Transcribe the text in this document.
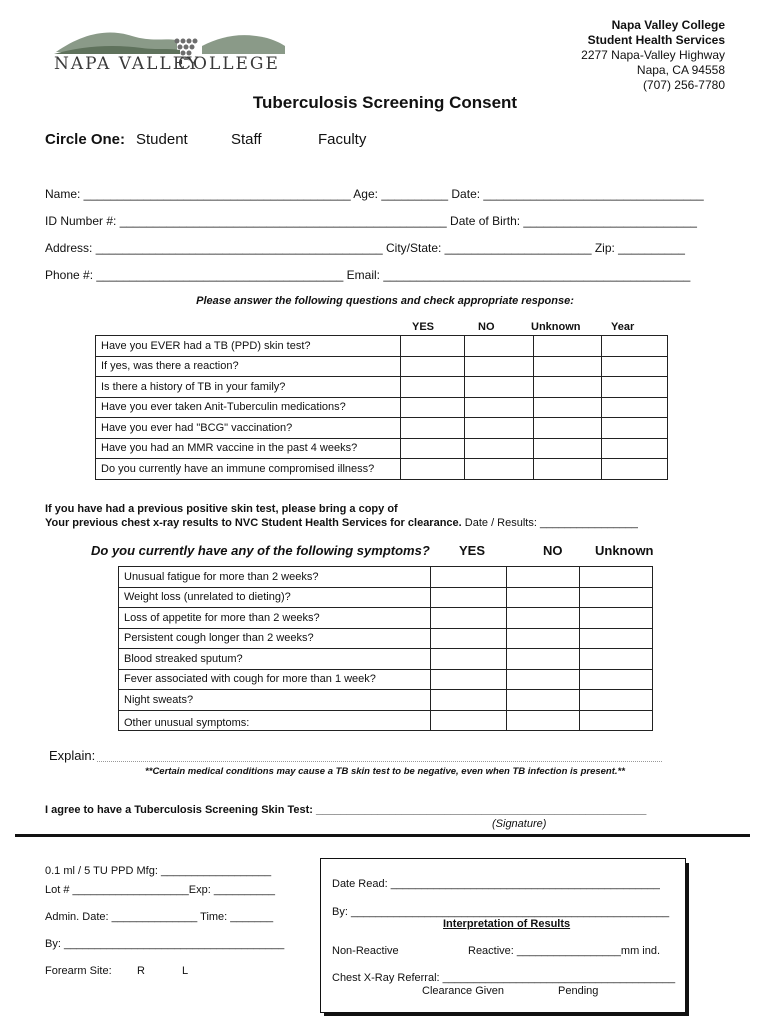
NAPA VALLEY
COLLEGE
Napa Valley College
Student Health Services
2277 Napa-Valley Highway
Napa, CA 94558
(707) 256-7780
Tuberculosis Screening Consent
Circle One: Student	Staff	Faculty
Name: ________________________________________ Age: __________ Date: _________________________________
ID Number #: _________________________________________________ Date of Birth: __________________________
Address: ___________________________________________ City/State: ______________________ Zip: __________
Phone #: _____________________________________ Email: ______________________________________________
Please answer the following questions and check appropriate response:
YES	NO	Unknown	Year
Have you EVER had a TB (PPD) skin test?				
If yes, was there a reaction?				
Is there a history of TB in your family?				
Have you ever taken Anit-Tuberculin medications?				
Have you ever had "BCG" vaccination?				
Have you had an MMR vaccine in the past 4 weeks?				
Do you currently have an immune compromised illness?				
If you have had a previous positive skin test, please bring a copy of
Your previous chest x-ray results to NVC Student Health Services for clearance. Date / Results: ________________
Do you currently have any of the following symptoms? YES	NO	Unknown
Unusual fatigue for more than 2 weeks?			
Weight loss (unrelated to dieting)?			
Loss of appetite for more than 2 weeks?			
Persistent cough longer than 2 weeks?			
Blood streaked sputum?			
Fever associated with cough for more than 1 week?			
Night sweats?			
Other unusual symptoms:			
Explain:
**Certain medical conditions may cause a TB skin test to be negative, even when TB infection is present.**
I agree to have a Tuberculosis Screening Skin Test: ______________________________________________________
(Signature)
0.1 ml / 5 TU PPD Mfg: __________________
Lot # ___________________Exp: __________
Admin. Date: ______________ Time: _______
By: ____________________________________
Forearm Site: R	L
Date Read: ____________________________________________
By: ____________________________________________________
Interpretation of Results
Non-Reactive	Reactive: _________________mm ind.
Chest X-Ray Referral: ______________________________________
Clearance Given	Pending
